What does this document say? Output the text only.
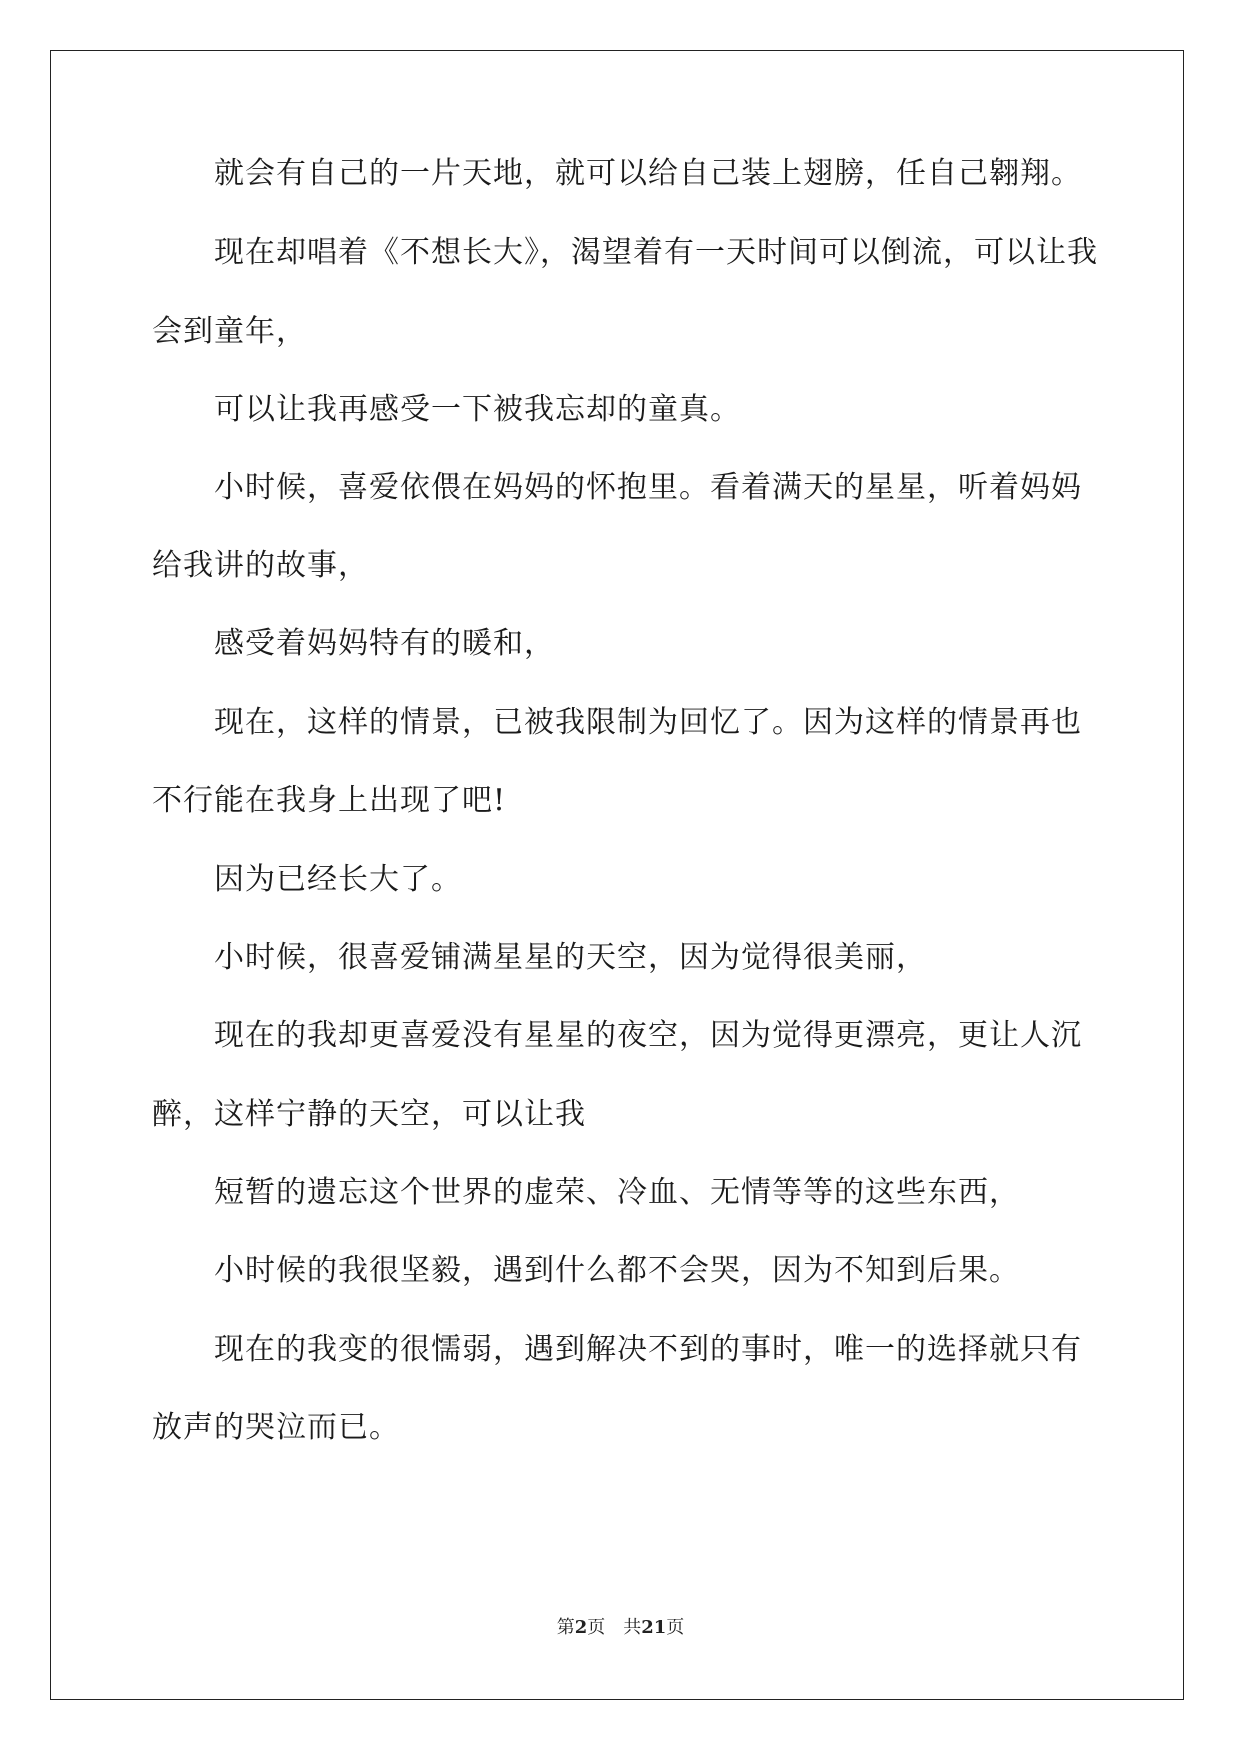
就会有自己的一片天地，就可以给自己装上翅膀，任自己翱翔。
现在却唱着《不想长大》，渴望着有一天时间可以倒流，可以让我
会到童年，
可以让我再感受一下被我忘却的童真。
小时候，喜爱依偎在妈妈的怀抱里。看着满天的星星，听着妈妈
给我讲的故事，
感受着妈妈特有的暖和，
现在，这样的情景，已被我限制为回忆了。因为这样的情景再也
不行能在我身上出现了吧!
因为已经长大了。
小时候，很喜爱铺满星星的天空，因为觉得很美丽，
现在的我却更喜爱没有星星的夜空，因为觉得更漂亮，更让人沉
醉，这样宁静的天空，可以让我
短暂的遗忘这个世界的虚荣、冷血、无情等等的这些东西，
小时候的我很坚毅，遇到什么都不会哭，因为不知到后果。
现在的我变的很懦弱，遇到解决不到的事时，唯一的选择就只有
放声的哭泣而已。
第2页 共21页
